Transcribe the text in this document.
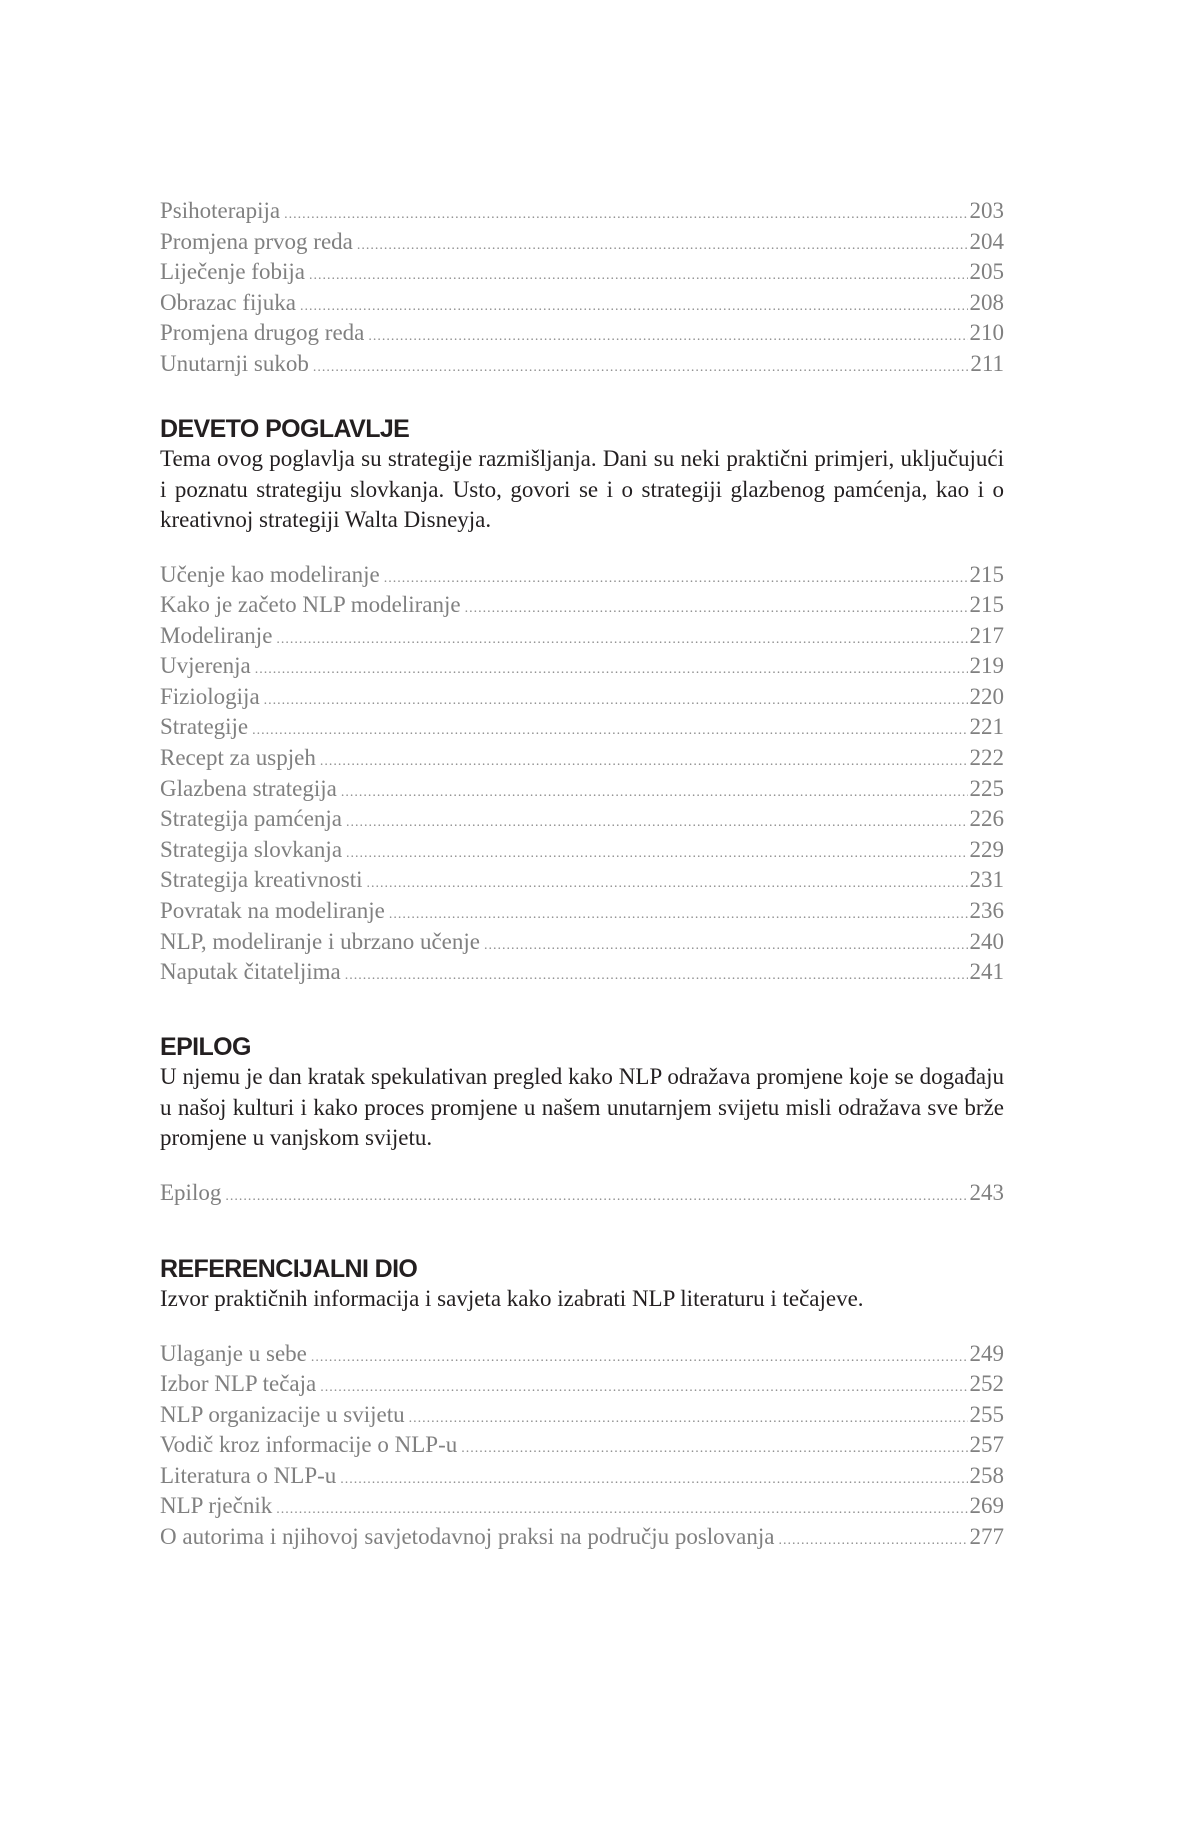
Psihoterapija .....	203
Promjena prvog reda .....	204
Liječenje fobija .....	205
Obrazac fijuka .....	208
Promjena drugog reda .....	210
Unutarnji sukob .....	211
DEVETO POGLAVLJE

Tema ovog poglavlja su strategije razmišljanja. Dani su neki praktični primjeri, uključujući i poznatu strategiju slovkanja. Usto, govori se i o strategiji glazbenog pamćenja, kao i o kreativnoj strategiji Walta Disneyja.

Učenje kao modeliranje .....	215
Kako je začeto NLP modeliranje .....	215
Modeliranje .....	217
Uvjerenja .....	219
Fiziologija .....	220
Strategije .....	221
Recept za uspjeh .....	222
Glazbena strategija .....	225
Strategija pamćenja .....	226
Strategija slovkanja .....	229
Strategija kreativnosti .....	231
Povratak na modeliranje .....	236
NLP, modeliranje i ubrzano učenje .....	240
Naputak čitateljima .....	241
EPILOG

U njemu je dan kratak spekulativan pregled kako NLP odražava promjene koje se događaju u našoj kulturi i kako proces promjene u našem unutarnjem svijetu misli odražava sve brže promjene u vanjskom svijetu.

Epilog .....	243
REFERENCIJALNI DIO

Izvor praktičnih informacija i savjeta kako izabrati NLP literaturu i tečajeve.

Ulaganje u sebe .....	249
Izbor NLP tečaja .....	252
NLP organizacije u svijetu .....	255
Vodič kroz informacije o NLP-u .....	257
Literatura o NLP-u .....	258
NLP rječnik .....	269
O autorima i njihovoj savjetodavnoj praksi na području poslovanja .....	277
